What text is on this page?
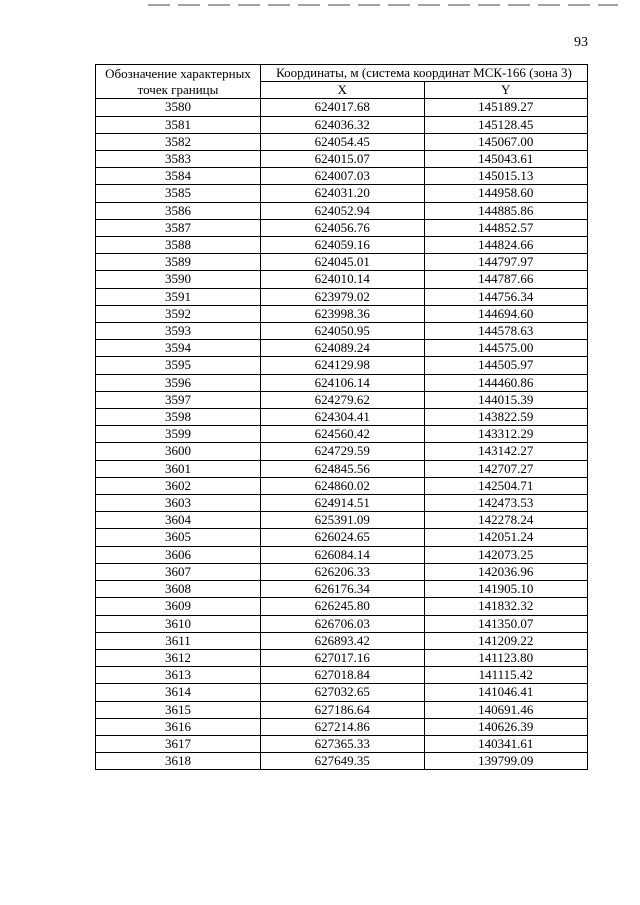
93
Обозначение характерных точек границы	Координаты, м (система координат МСК-166 (зона 3)	
	X	Y
3580	624017.68	145189.27
3581	624036.32	145128.45
3582	624054.45	145067.00
3583	624015.07	145043.61
3584	624007.03	145015.13
3585	624031.20	144958.60
3586	624052.94	144885.86
3587	624056.76	144852.57
3588	624059.16	144824.66
3589	624045.01	144797.97
3590	624010.14	144787.66
3591	623979.02	144756.34
3592	623998.36	144694.60
3593	624050.95	144578.63
3594	624089.24	144575.00
3595	624129.98	144505.97
3596	624106.14	144460.86
3597	624279.62	144015.39
3598	624304.41	143822.59
3599	624560.42	143312.29
3600	624729.59	143142.27
3601	624845.56	142707.27
3602	624860.02	142504.71
3603	624914.51	142473.53
3604	625391.09	142278.24
3605	626024.65	142051.24
3606	626084.14	142073.25
3607	626206.33	142036.96
3608	626176.34	141905.10
3609	626245.80	141832.32
3610	626706.03	141350.07
3611	626893.42	141209.22
3612	627017.16	141123.80
3613	627018.84	141115.42
3614	627032.65	141046.41
3615	627186.64	140691.46
3616	627214.86	140626.39
3617	627365.33	140341.61
3618	627649.35	139799.09
